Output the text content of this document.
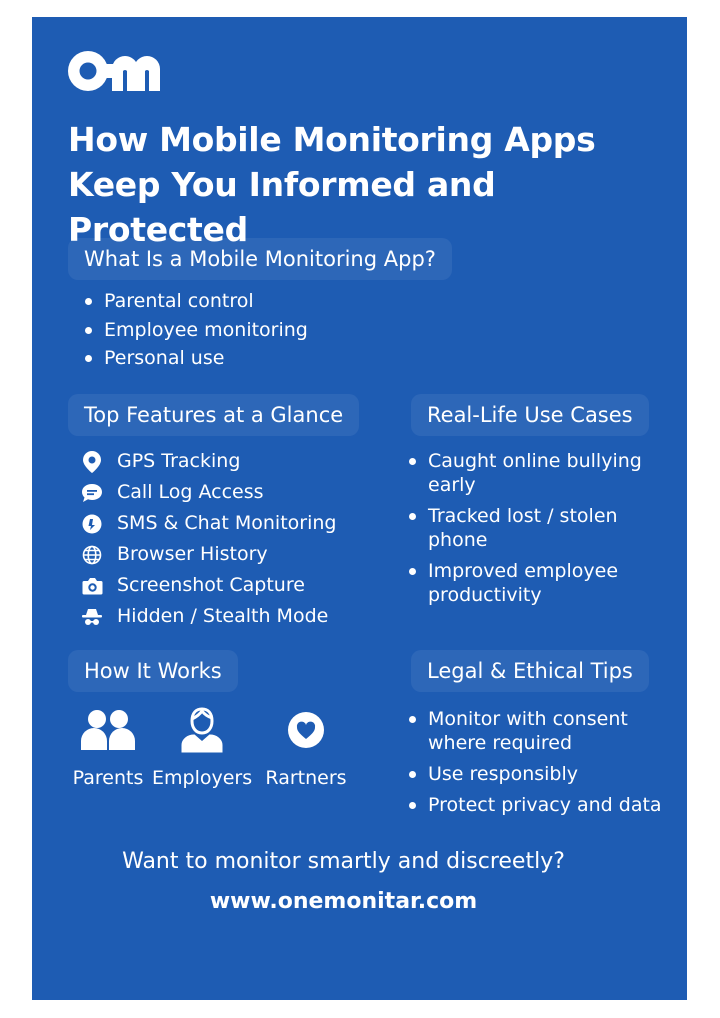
How Mobile Monitoring Apps
Keep You Informed and Protected
What Is a Mobile Monitoring App?
Parental control
Employee monitoring
Personal use
Top Features at a Glance
GPS Tracking
Call Log Access
SMS & Chat Monitoring
Browser History
Screenshot Capture
Hidden / Stealth Mode
Real-Life Use Cases
Caught online bullying early
Tracked lost / stolen phone
Improved employee productivity
How It Works
Parents Employers Rartners
Legal & Ethical Tips
Monitor with consent where required
Use responsibly
Protect privacy and data
Want to monitor smartly and discreetly?
www.onemonitar.com
